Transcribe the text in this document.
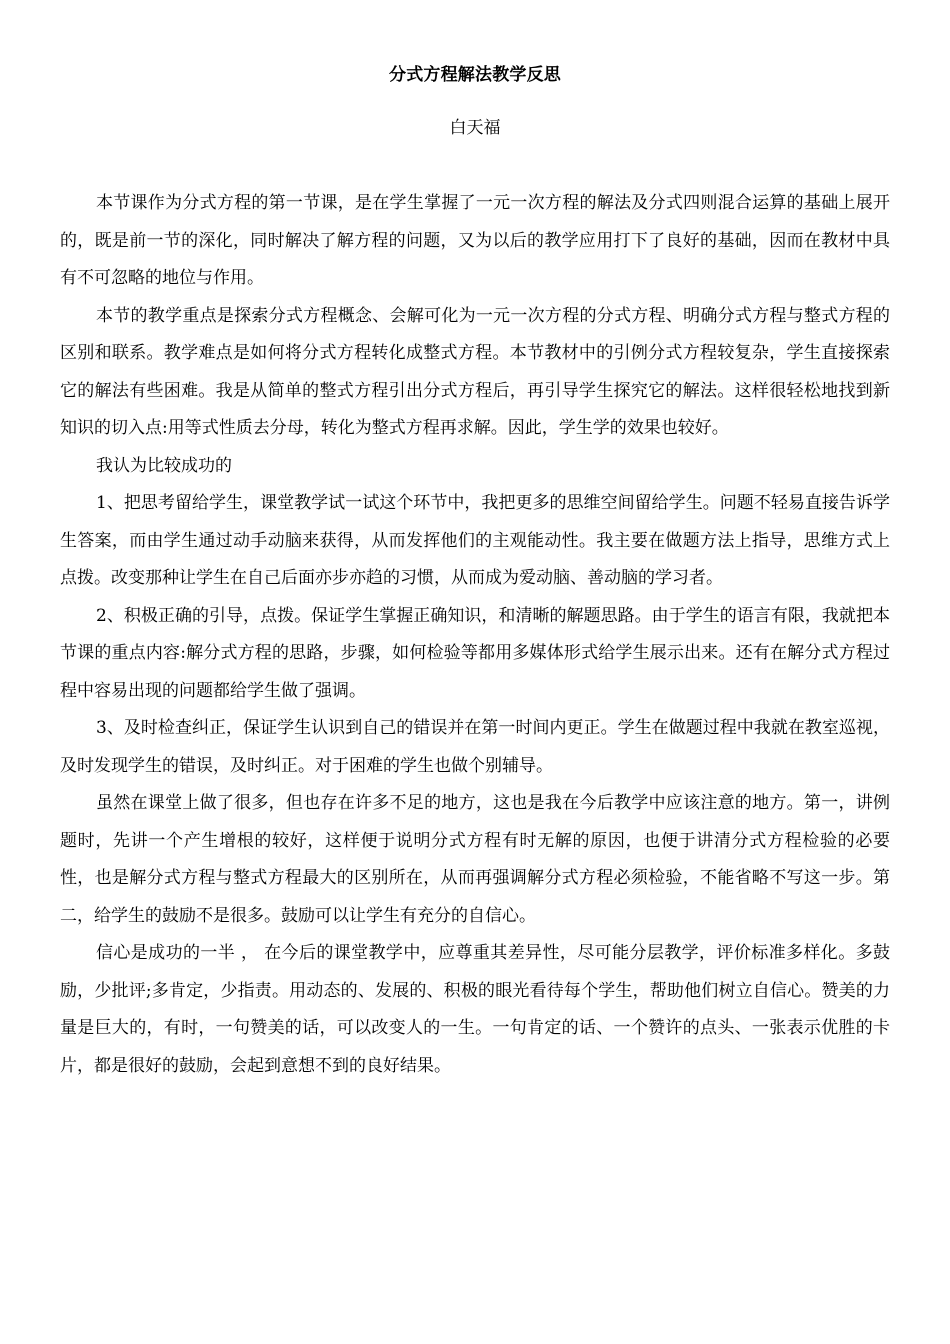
分式方程解法教学反思
白天福

本节课作为分式方程的第一节课，是在学生掌握了一元一次方程的解法及分式四则混合运算的基础上展开的，既是前一节的深化，同时解决了解方程的问题，又为以后的教学应用打下了良好的基础，因而在教材中具有不可忽略的地位与作用。

本节的教学重点是探索分式方程概念、会解可化为一元一次方程的分式方程、明确分式方程与整式方程的区别和联系。教学难点是如何将分式方程转化成整式方程。本节教材中的引例分式方程较复杂，学生直接探索它的解法有些困难。我是从简单的整式方程引出分式方程后，再引导学生探究它的解法。这样很轻松地找到新知识的切入点:用等式性质去分母，转化为整式方程再求解。因此，学生学的效果也较好。

我认为比较成功的

1、把思考留给学生，课堂教学试一试这个环节中，我把更多的思维空间留给学生。问题不轻易直接告诉学生答案，而由学生通过动手动脑来获得，从而发挥他们的主观能动性。我主要在做题方法上指导，思维方式上点拨。改变那种让学生在自己后面亦步亦趋的习惯，从而成为爱动脑、善动脑的学习者。

2、积极正确的引导，点拨。保证学生掌握正确知识，和清晰的解题思路。由于学生的语言有限，我就把本节课的重点内容:解分式方程的思路，步骤，如何检验等都用多媒体形式给学生展示出来。还有在解分式方程过程中容易出现的问题都给学生做了强调。

3、及时检查纠正，保证学生认识到自己的错误并在第一时间内更正。学生在做题过程中我就在教室巡视，及时发现学生的错误，及时纠正。对于困难的学生也做个别辅导。

虽然在课堂上做了很多，但也存在许多不足的地方，这也是我在今后教学中应该注意的地方。第一，讲例题时，先讲一个产生增根的较好，这样便于说明分式方程有时无解的原因，也便于讲清分式方程检验的必要性，也是解分式方程与整式方程最大的区别所在，从而再强调解分式方程必须检验，不能省略不写这一步。第二，给学生的鼓励不是很多。鼓励可以让学生有充分的自信心。

信心是成功的一半 ， 在今后的课堂教学中，应尊重其差异性，尽可能分层教学，评价标准多样化。多鼓励，少批评;多肯定，少指责。用动态的、发展的、积极的眼光看待每个学生，帮助他们树立自信心。赞美的力量是巨大的，有时，一句赞美的话，可以改变人的一生。一句肯定的话、一个赞许的点头、一张表示优胜的卡片，都是很好的鼓励，会起到意想不到的良好结果。
